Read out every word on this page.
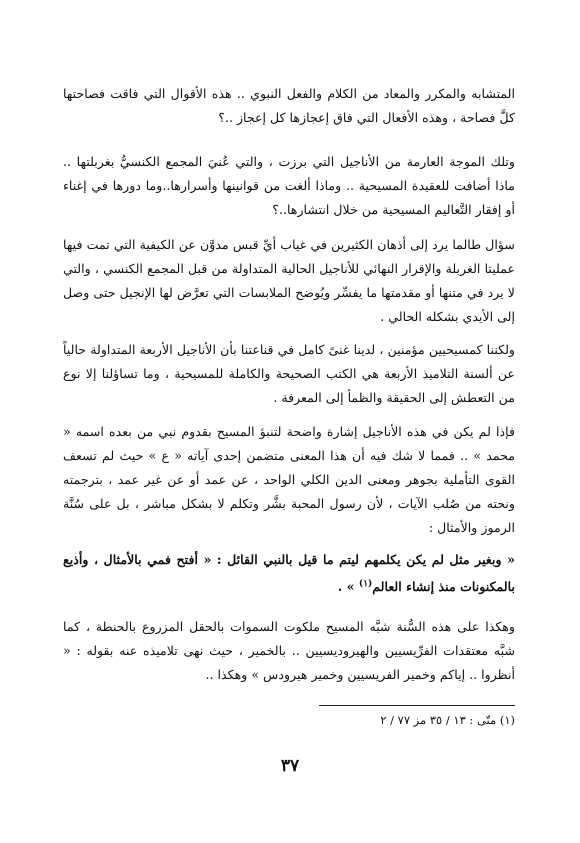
المتشابه والمكرر والمعاد من الكلام والفعل النبوي .. هذه الأقوال التي فاقت فصاحتها كلَّ فصاحة ، وهذه الأفعال التي فاق إعجازها كل إعجاز ..؟

وتلك الموجة العارمة من الأناجيل التي برزت ، والتي عُنيَ المجمع الكنسيُّ بغربلتها .. ماذا أضافت للعقيدة المسيحية .. وماذا ألغت من قوانينها وأسرارها..وما دورها في إغناء أو إفقار التَّعاليم المسيحية من خلال انتشارها..؟

سؤال طالما يرد إلى أذهان الكثيرين في غياب أيِّ قبس مدوَّن عن الكيفية التي تمت فيها عمليتا الغربلة والإقرار النهائي للأناجيل الحالية المتداولة من قبل المجمع الكنسي ، والتي لا يرد في متنها أو مقدمتها ما يفسِّر ويُوضح الملابسات التي تعرَّض لها الإنجيل حتى وصل إلى الأيدي بشكله الحالي .

ولكننا كمسيحيين مؤمنين ، لدينا غنىً كامل في قناعتنا بأن الأناجيل الأربعة المتداولة حالياً عن ألسنة التلاميذ الأربعة هي الكتب الصحيحة والكاملة للمسيحية ، وما تساؤلنا إلا نوع من التعطش إلى الحقيقة والظمأ إلى المعرفة .

فإذا لم يكن في هذه الأناجيل إشارة واضحة لتنبؤ المسيح بقدوم نبي من بعده اسمه « محمد » .. فمما لا شك فيه أن هذا المعنى متضمن إحدى آياته « ع » حيث لم تسعف القوى التأملية بجوهر ومعنى الدين الكلي الواحد ، عن عمد أو عن غير عمد ، بترجمته ونحته من صُلب الآيات ، لأن رسول المحبة بشَّر وتكلم لا بشكل مباشر ، بل على سُنَّة الرموز والأمثال :

« وبغير مثل لم يكن يكلمهم ليتم ما قيل بالنبي القائل : « أفتح فمي بالأمثال ، وأذيع بالمكنونات منذ إنشاء العالم$^{(١)}$ » .

وهكذا على هذه السُّنة شبَّه المسيح ملكوت السموات بالحقل المزروع بالحنطة ، كما شبَّه معتقدات الفرِّيسيين والهيروديسيين .. بالخمير ، حيث نهى تلاميذه عنه بقوله : « أنظروا .. إياكم وخمير الفريسيين وخمير هيرودس » وهكذا ..

(١) متّى : ١٣ / ٣٥ مز ٧٧ / ٢

٣٧
